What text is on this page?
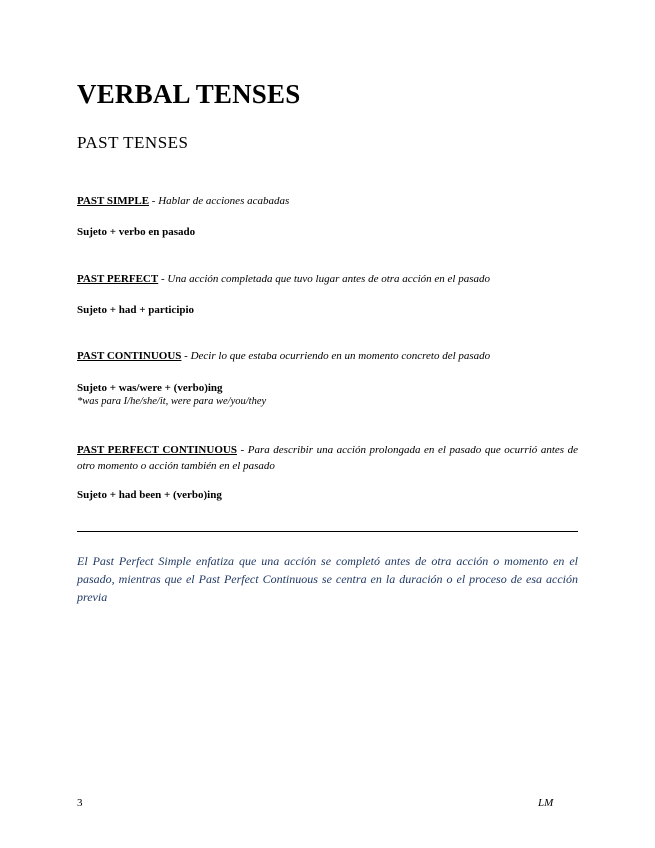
VERBAL TENSES
PAST TENSES

PAST SIMPLE - Hablar de acciones acabadas

Sujeto + verbo en pasado

PAST PERFECT - Una acción completada que tuvo lugar antes de otra acción en el pasado

Sujeto + had + participio

PAST CONTINUOUS - Decir lo que estaba ocurriendo en un momento concreto del pasado

Sujeto + was/were + (verbo)ing

*was para I/he/she/it, were para we/you/they

PAST PERFECT CONTINUOUS - Para describir una acción prolongada en el pasado que ocurrió antes de otro momento o acción también en el pasado

Sujeto + had been + (verbo)ing

El Past Perfect Simple enfatiza que una acción se completó antes de otra acción o momento en el pasado, mientras que el Past Perfect Continuous se centra en la duración o el proceso de esa acción previa

3	LM
